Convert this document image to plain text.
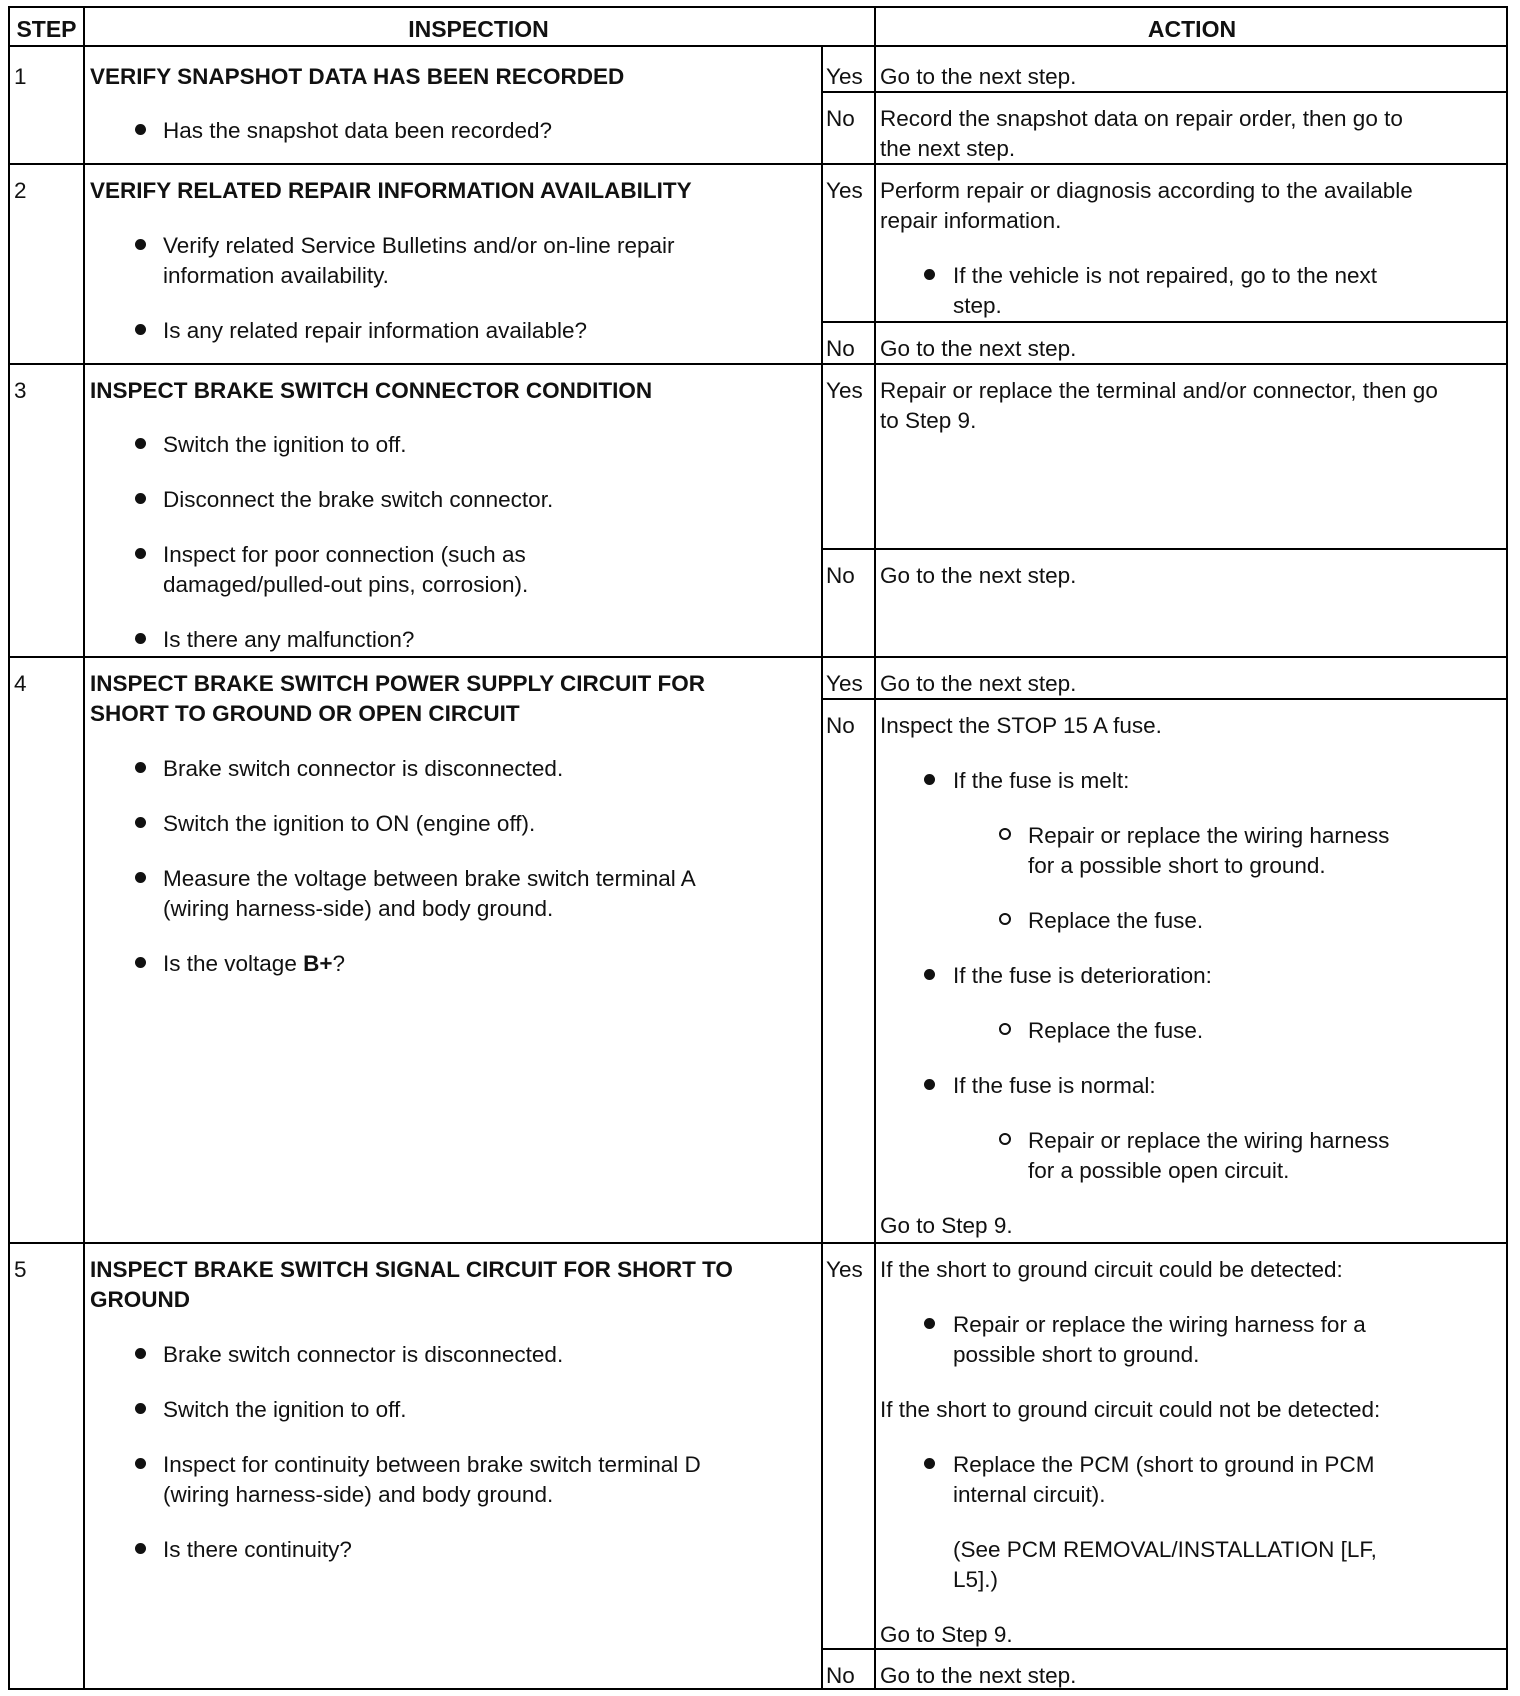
STEP	INSPECTION	ACTION
1	VERIFY SNAPSHOT DATA HAS BEEN RECORDED
Has the snapshot data been recorded?
Yes Go to the next step.
No Record the snapshot data on repair order, then go to
the next step.
2	VERIFY RELATED REPAIR INFORMATION AVAILABILITY
Verify related Service Bulletins and/or on-line repair
information availability.
Is any related repair information available?
Yes Perform repair or diagnosis according to the available
repair information.
If the vehicle is not repaired, go to the next
step.
No Go to the next step.
3	INSPECT BRAKE SWITCH CONNECTOR CONDITION
Switch the ignition to off.
Disconnect the brake switch connector.
Inspect for poor connection (such as
damaged/pulled-out pins, corrosion).
Is there any malfunction?
Yes Repair or replace the terminal and/or connector, then go
to Step 9.
No Go to the next step.
4	INSPECT BRAKE SWITCH POWER SUPPLY CIRCUIT FOR
SHORT TO GROUND OR OPEN CIRCUIT
Brake switch connector is disconnected.
Switch the ignition to ON (engine off).
Measure the voltage between brake switch terminal A
(wiring harness-side) and body ground.
Is the voltage B+?
Yes Go to the next step.
No Inspect the STOP 15 A fuse.
If the fuse is melt:
Repair or replace the wiring harness
for a possible short to ground.
Replace the fuse.
If the fuse is deterioration:
Replace the fuse.
If the fuse is normal:
Repair or replace the wiring harness
for a possible open circuit.
Go to Step 9.
5	INSPECT BRAKE SWITCH SIGNAL CIRCUIT FOR SHORT TO
GROUND
Brake switch connector is disconnected.
Switch the ignition to off.
Inspect for continuity between brake switch terminal D
(wiring harness-side) and body ground.
Is there continuity?
Yes If the short to ground circuit could be detected:
Repair or replace the wiring harness for a
possible short to ground.
If the short to ground circuit could not be detected:
Replace the PCM (short to ground in PCM
internal circuit).
(See PCM REMOVAL/INSTALLATION [LF,
L5].)
Go to Step 9.
No Go to the next step.
